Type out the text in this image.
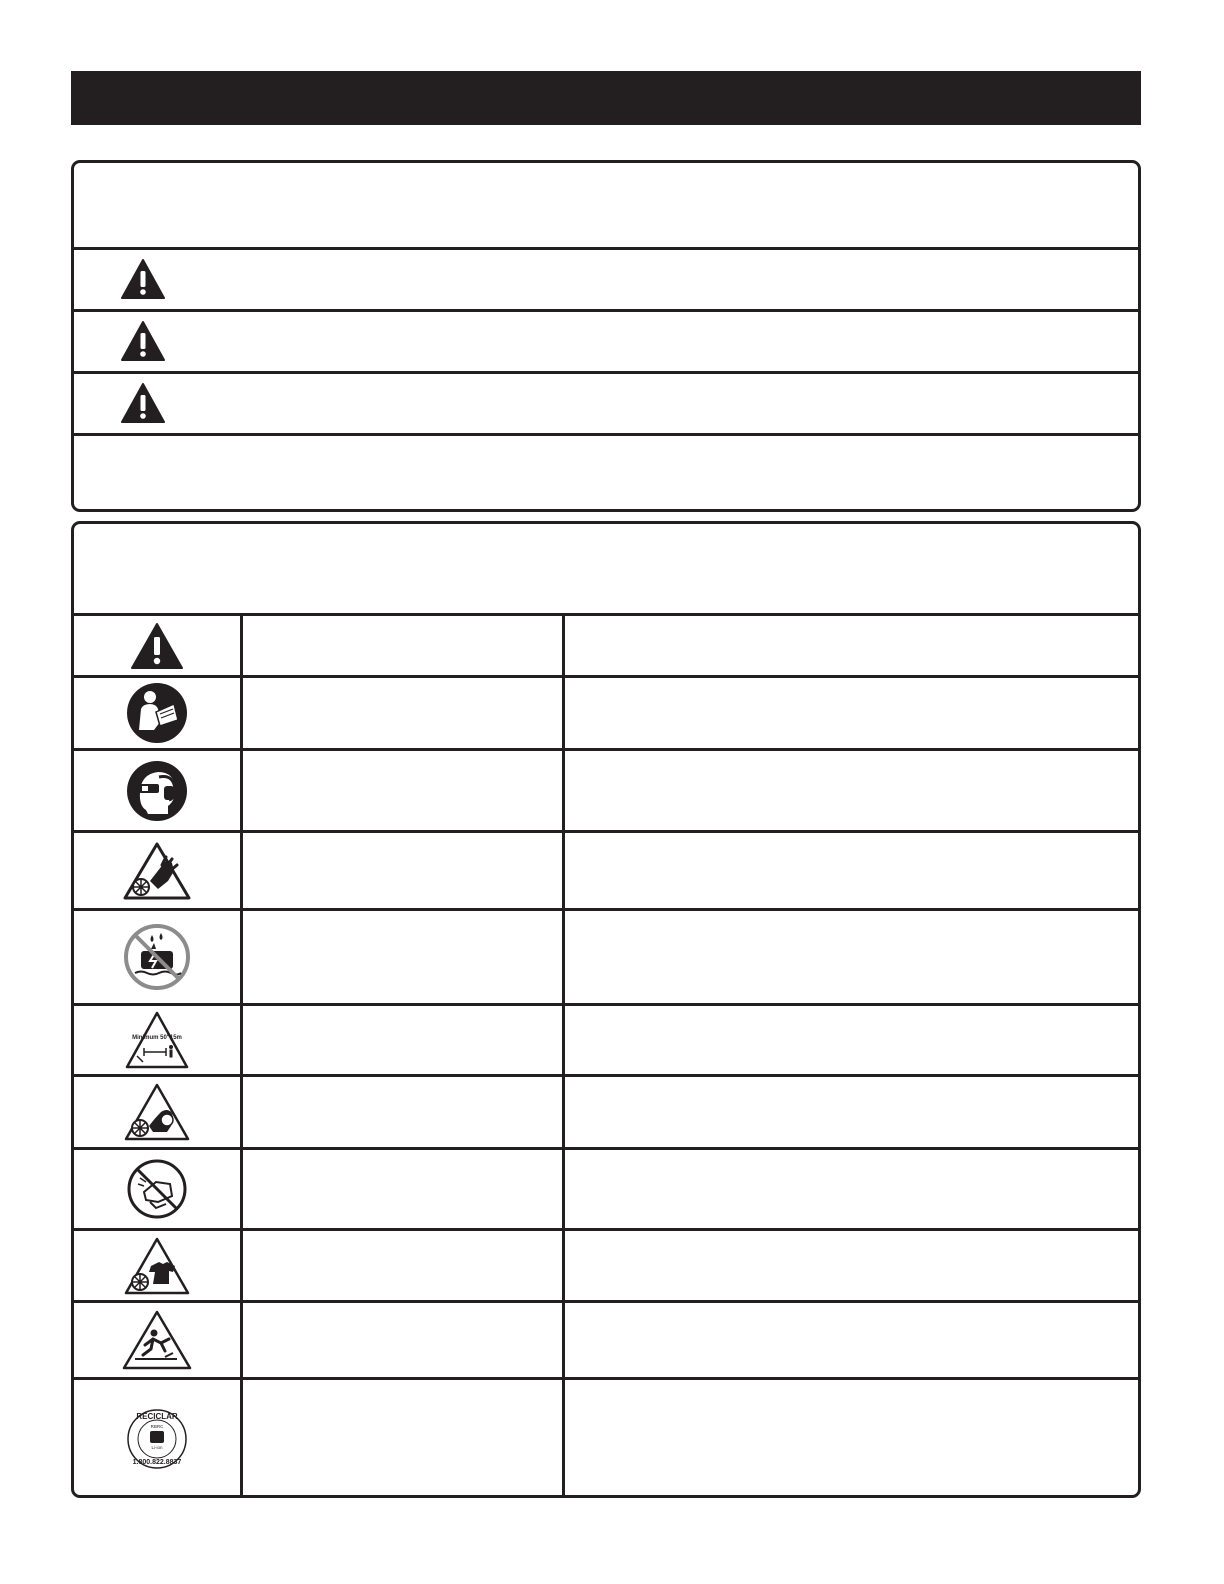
Minimum 50' 15m
RECICLAR
RBRC
Li-ion
1.800.822.8837
